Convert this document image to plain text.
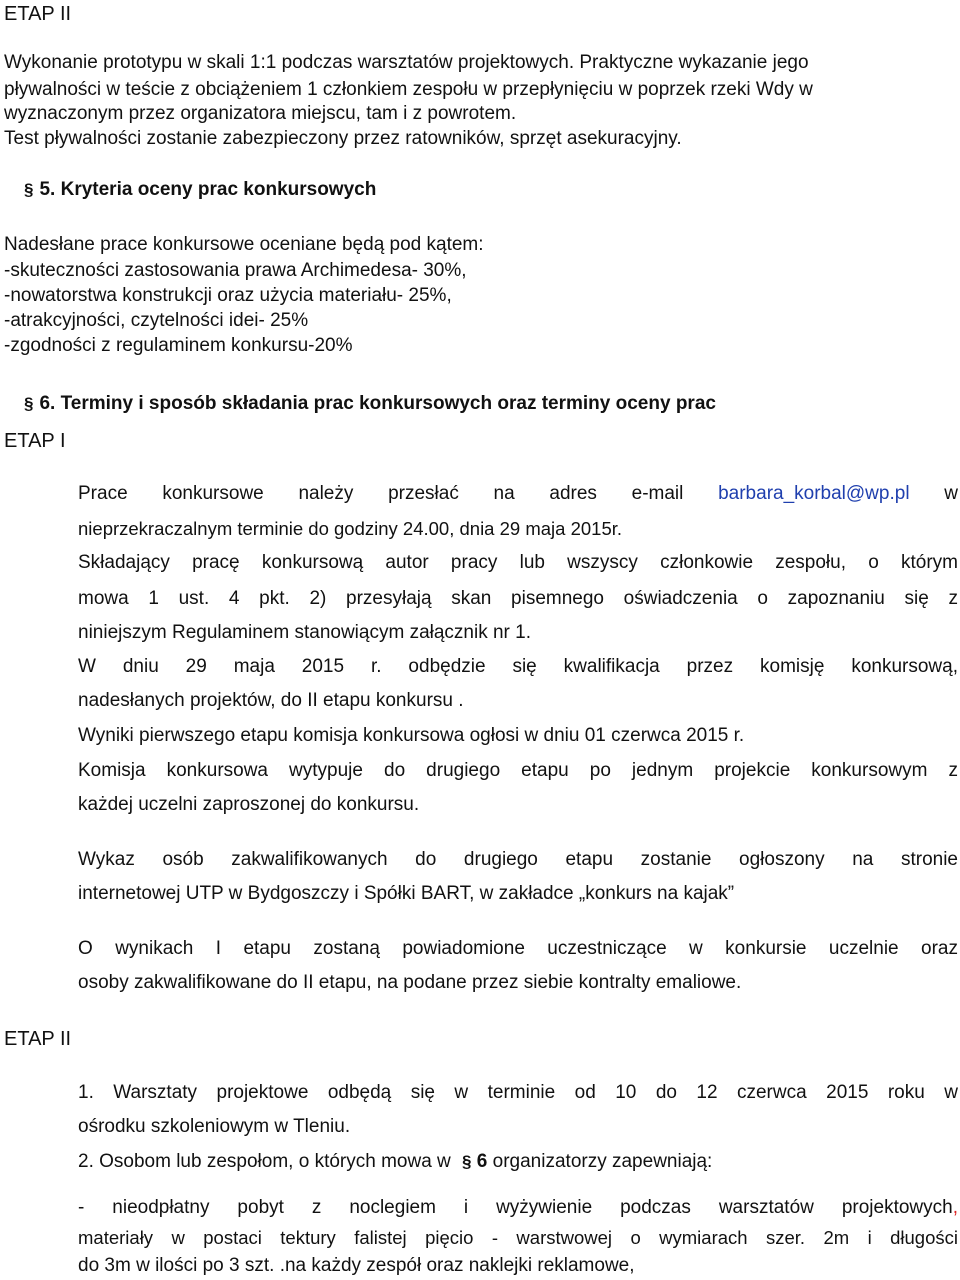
ETAP II
Wykonanie prototypu w skali 1:1 podczas warsztatów projektowych. Praktyczne wykazanie jego
pływalności w teście z obciążeniem 1 członkiem zespołu w przepłynięciu w poprzek rzeki Wdy w
wyznaczonym przez organizatora miejscu, tam i z powrotem.
Test pływalności zostanie zabezpieczony przez ratowników, sprzęt asekuracyjny.
§ 5. Kryteria oceny prac konkursowych
Nadesłane prace konkursowe oceniane będą pod kątem:
-skuteczności zastosowania prawa Archimedesa- 30%,
-nowatorstwa konstrukcji oraz użycia materiału- 25%,
-atrakcyjności, czytelności idei- 25%
-zgodności z regulaminem konkursu-20%
§ 6. Terminy i sposób składania prac konkursowych oraz terminy oceny prac
ETAP I
Prace konkursowe należy przesłać na adres e-mail barbara_korbal@wp.pl w
nieprzekraczalnym terminie do godziny 24.00, dnia 29 maja 2015r.
Składający pracę konkursową autor pracy lub wszyscy członkowie zespołu, o którym
mowa 1 ust. 4 pkt. 2) przesyłają skan pisemnego oświadczenia o zapoznaniu się z
niniejszym Regulaminem stanowiącym załącznik nr 1.
W dniu 29 maja 2015 r. odbędzie się kwalifikacja przez komisję konkursową,
nadesłanych projektów, do II etapu konkursu .
Wyniki pierwszego etapu komisja konkursowa ogłosi w dniu 01 czerwca 2015 r.
Komisja konkursowa wytypuje do drugiego etapu po jednym projekcie konkursowym z
każdej uczelni zaproszonej do konkursu.
Wykaz osób zakwalifikowanych do drugiego etapu zostanie ogłoszony na stronie
internetowej UTP w Bydgoszczy i Spółki BART, w zakładce „konkurs na kajak”
O wynikach I etapu zostaną powiadomione uczestniczące w konkursie uczelnie oraz
osoby zakwalifikowane do II etapu, na podane przez siebie kontralty emaliowe.
ETAP II
1. Warsztaty projektowe odbędą się w terminie od 10 do 12 czerwca 2015 roku w
ośrodku szkoleniowym w Tleniu.
2. Osobom lub zespołom, o których mowa w § 6 organizatorzy zapewniają:
- nieodpłatny pobyt z noclegiem i wyżywienie podczas warsztatów projektowych,
materiały w postaci tektury falistej pięcio - warstwowej o wymiarach szer. 2m i długości
do 3m w ilości po 3 szt. .na każdy zespół oraz naklejki reklamowe,
